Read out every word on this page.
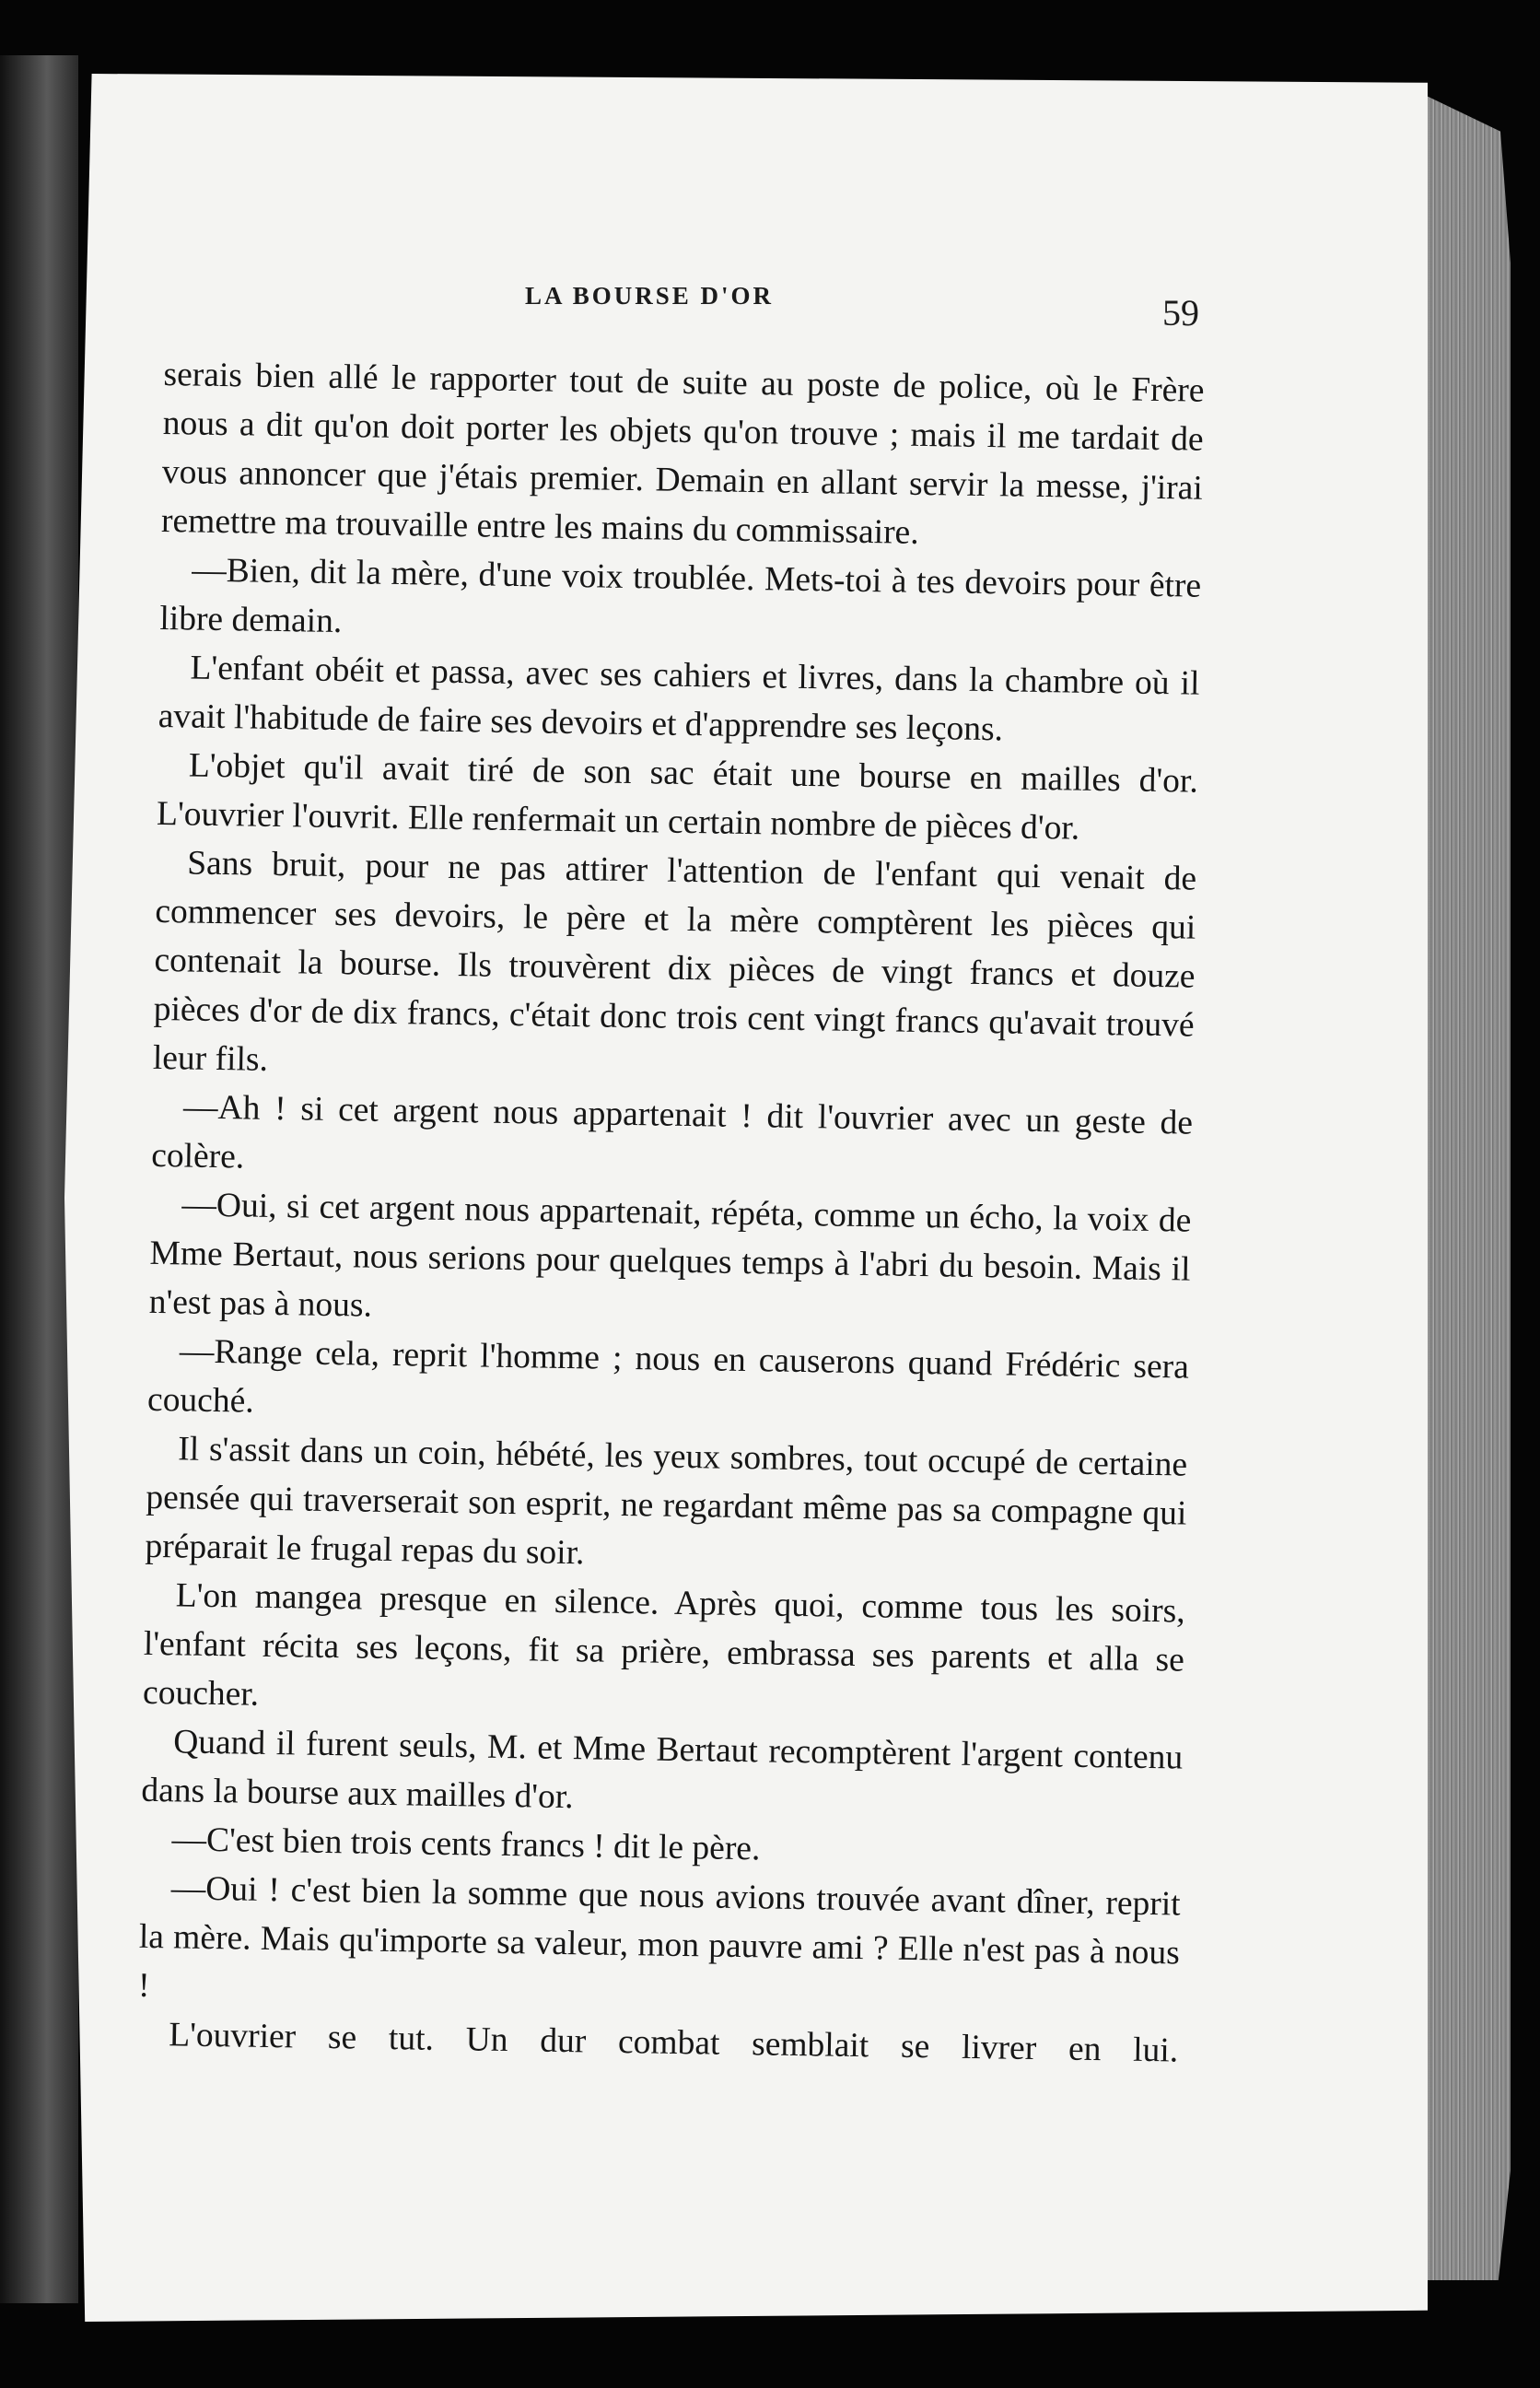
LA BOURSE D'OR	59

serais bien allé le rapporter tout de suite au poste de police, où le Frère nous a dit qu'on doit porter les objets qu'on trouve ; mais il me tardait de vous annoncer que j'étais premier. Demain en allant servir la messe, j'irai remettre ma trouvaille entre les mains du commissaire.

—Bien, dit la mère, d'une voix troublée. Mets-toi à tes devoirs pour être libre demain.

L'enfant obéit et passa, avec ses cahiers et livres, dans la chambre où il avait l'habitude de faire ses devoirs et d'apprendre ses leçons.

L'objet qu'il avait tiré de son sac était une bourse en mailles d'or. L'ouvrier l'ouvrit. Elle renfermait un certain nombre de pièces d'or.

Sans bruit, pour ne pas attirer l'attention de l'enfant qui venait de commencer ses devoirs, le père et la mère comptèrent les pièces qui contenait la bourse. Ils trouvèrent dix pièces de vingt francs et douze pièces d'or de dix francs, c'était donc trois cent vingt francs qu'avait trouvé leur fils.

—Ah ! si cet argent nous appartenait ! dit l'ouvrier avec un geste de colère.

—Oui, si cet argent nous appartenait, répéta, comme un écho, la voix de Mme Bertaut, nous serions pour quelques temps à l'abri du besoin. Mais il n'est pas à nous.

—Range cela, reprit l'homme ; nous en causerons quand Frédéric sera couché.

Il s'assit dans un coin, hébété, les yeux sombres, tout occupé de certaine pensée qui traverserait son esprit, ne regardant même pas sa compagne qui préparait le frugal repas du soir.

L'on mangea presque en silence. Après quoi, comme tous les soirs, l'enfant récita ses leçons, fit sa prière, embrassa ses parents et alla se coucher.

Quand il furent seuls, M. et Mme Bertaut recomptèrent l'argent contenu dans la bourse aux mailles d'or.

—C'est bien trois cents francs ! dit le père.

—Oui ! c'est bien la somme que nous avions trouvée avant dîner, reprit la mère. Mais qu'importe sa valeur, mon pauvre ami ? Elle n'est pas à nous !

L'ouvrier se tut. Un dur combat semblait se livrer en lui.
